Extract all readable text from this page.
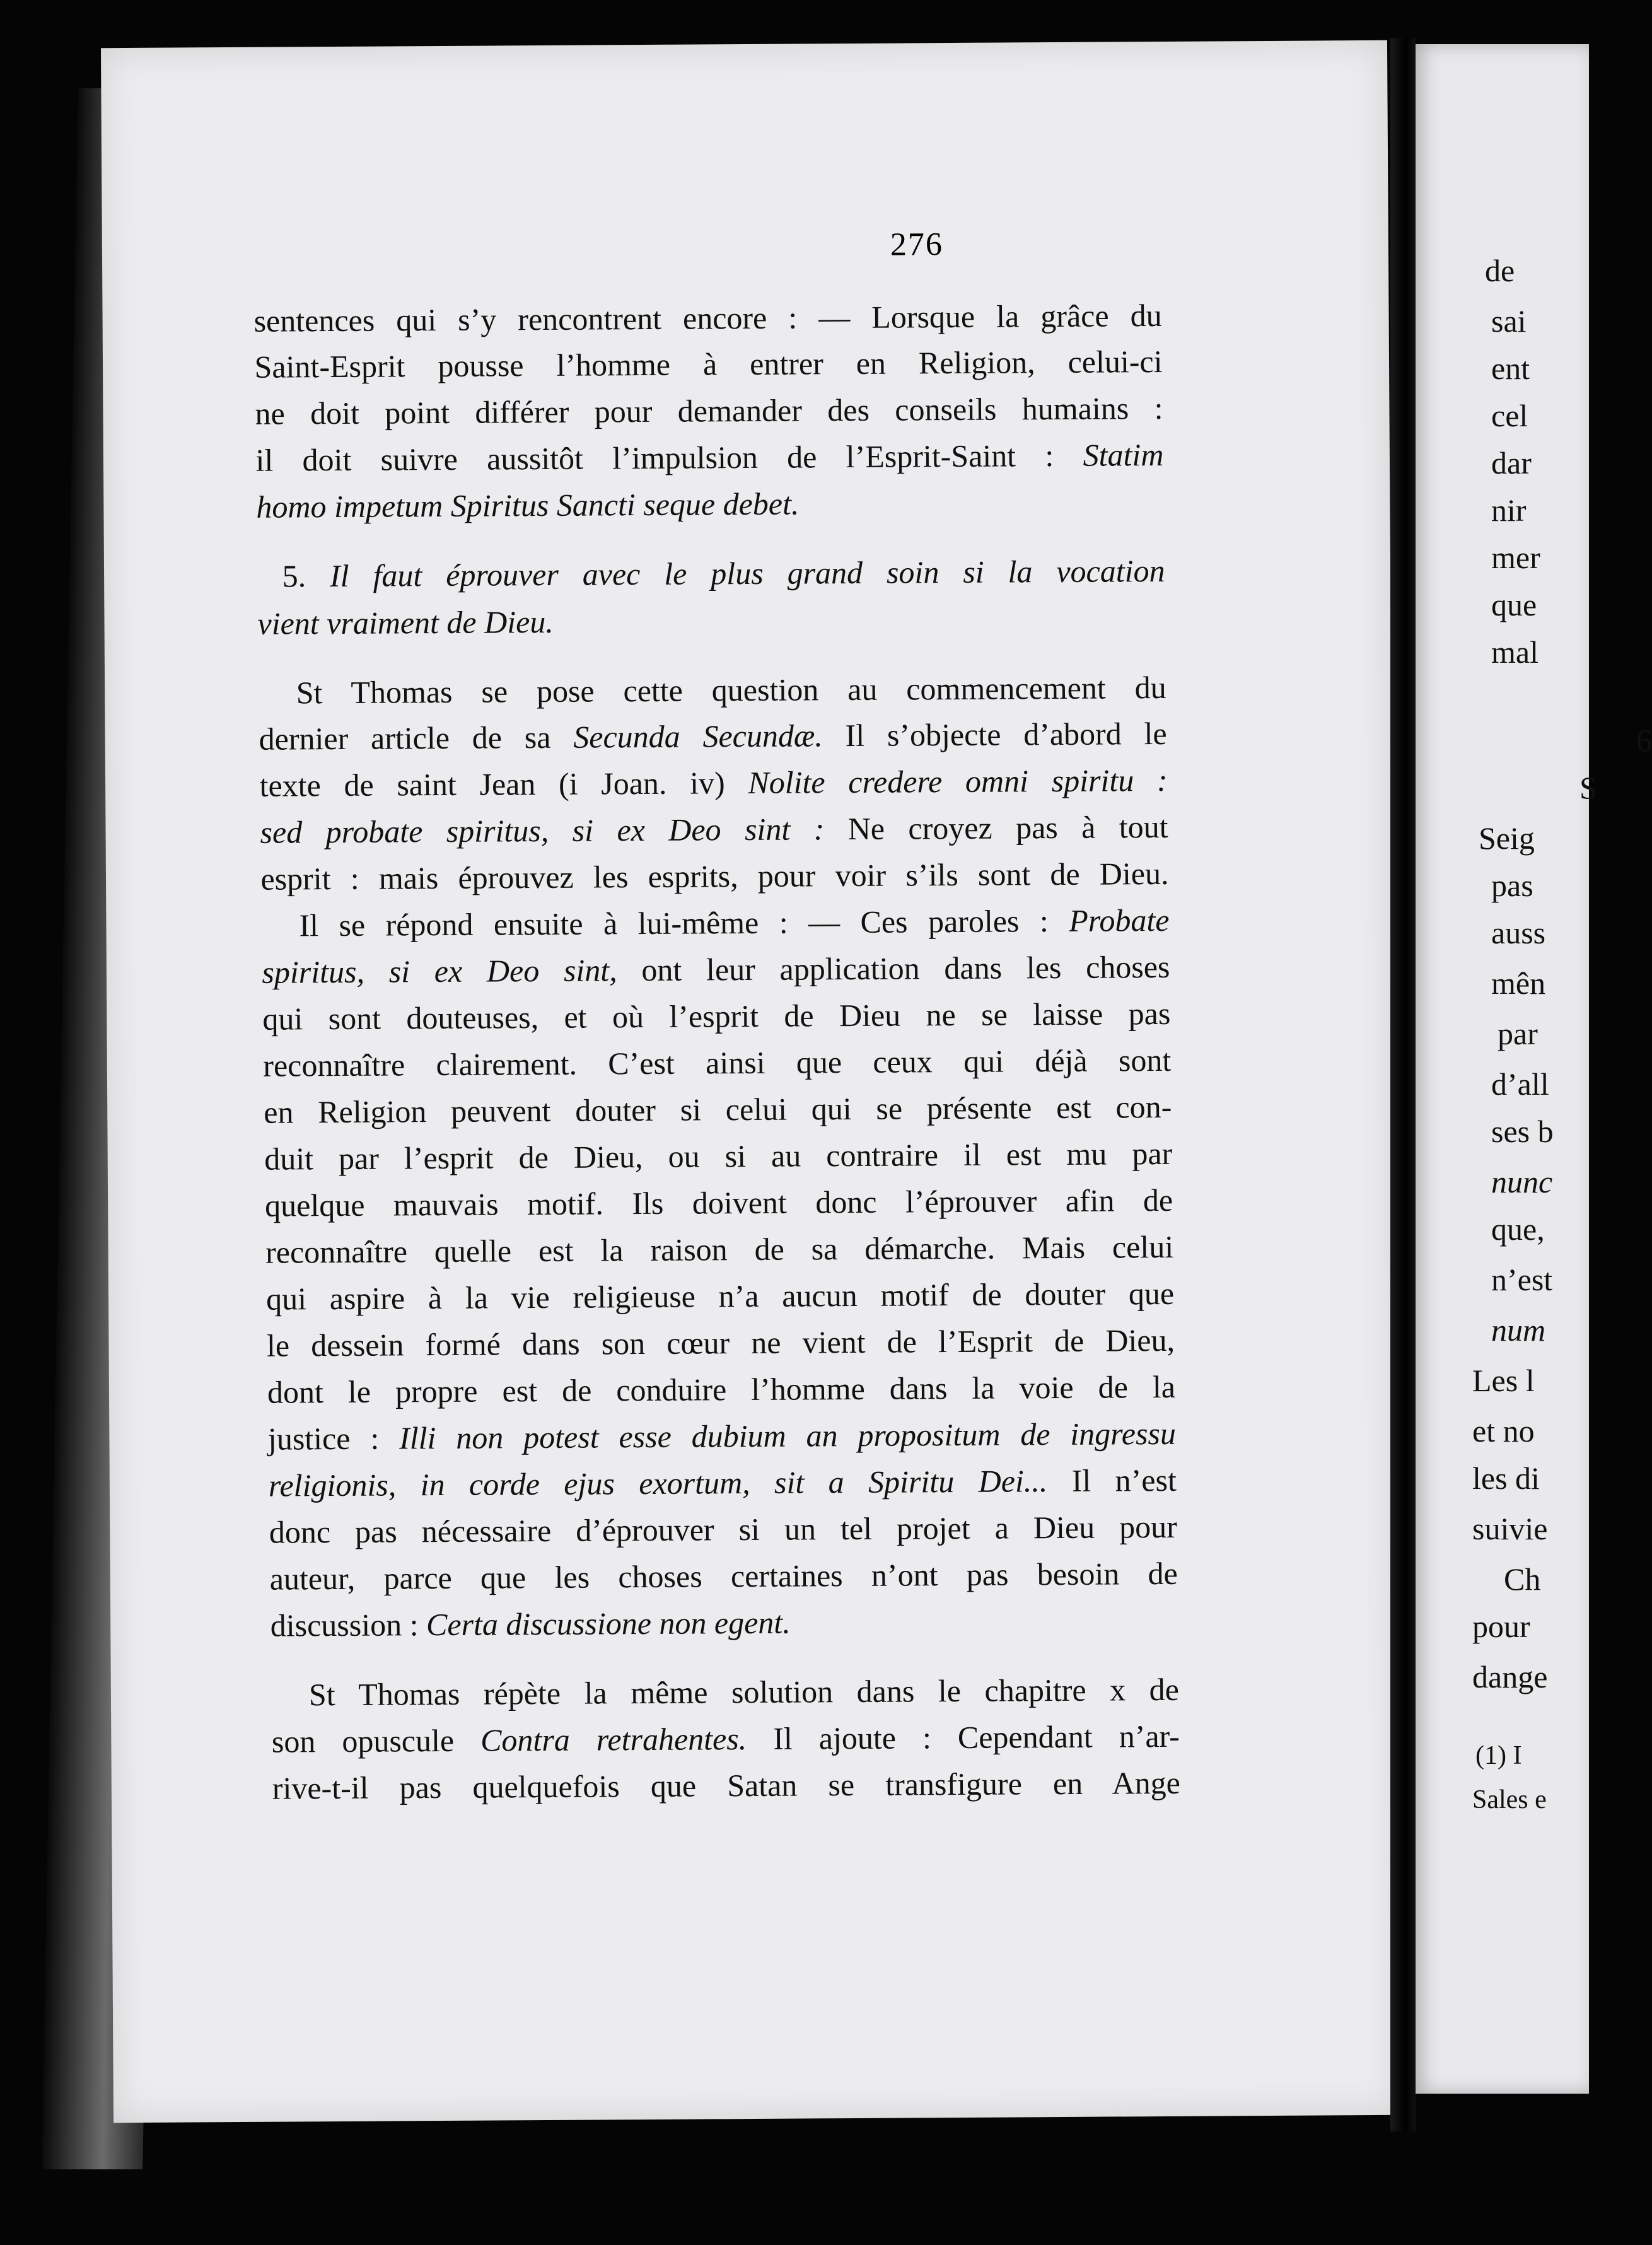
276
sentences qui s’y rencontrent encore : — Lorsque la grâce du
Saint-Esprit pousse l’homme à entrer en Religion, celui-ci
ne doit point différer pour demander des conseils humains :
il doit suivre aussitôt l’impulsion de l’Esprit-Saint : Statim
homo impetum Spiritus Sancti seque debet.
5. Il faut éprouver avec le plus grand soin si la vocation
vient vraiment de Dieu.
St Thomas se pose cette question au commencement du
dernier article de sa Secunda Secundæ. Il s’objecte d’abord le
texte de saint Jean (i Joan. iv) Nolite credere omni spiritu :
sed probate spiritus, si ex Deo sint : Ne croyez pas à tout
esprit : mais éprouvez les esprits, pour voir s’ils sont de Dieu.
Il se répond ensuite à lui-même : — Ces paroles : Probate
spiritus, si ex Deo sint, ont leur application dans les choses
qui sont douteuses, et où l’esprit de Dieu ne se laisse pas
reconnaître clairement. C’est ainsi que ceux qui déjà sont
en Religion peuvent douter si celui qui se présente est con-
duit par l’esprit de Dieu, ou si au contraire il est mu par
quelque mauvais motif. Ils doivent donc l’éprouver afin de
reconnaître quelle est la raison de sa démarche. Mais celui
qui aspire à la vie religieuse n’a aucun motif de douter que
le dessein formé dans son cœur ne vient de l’Esprit de Dieu,
dont le propre est de conduire l’homme dans la voie de la
justice : Illi non potest esse dubium an propositum de ingressu
religionis, in corde ejus exortum, sit a Spiritu Dei... Il n’est
donc pas nécessaire d’éprouver si un tel projet a Dieu pour
auteur, parce que les choses certaines n’ont pas besoin de
discussion : Certa discussione non egent.
St Thomas répète la même solution dans le chapitre x de
son opuscule Contra retrahentes. Il ajoute : Cependant n’ar-
rive-t-il pas quelquefois que Satan se transfigure en Ange
de
sai
ent
cel
dar
nir
mer
que
mal
6
S
Seig
pas
auss
mên
par
d’all
ses b
nunc
que,
n’est
num
Les l
et no
les di
suivie
Ch
pour
dange
(1) I
Sales e
